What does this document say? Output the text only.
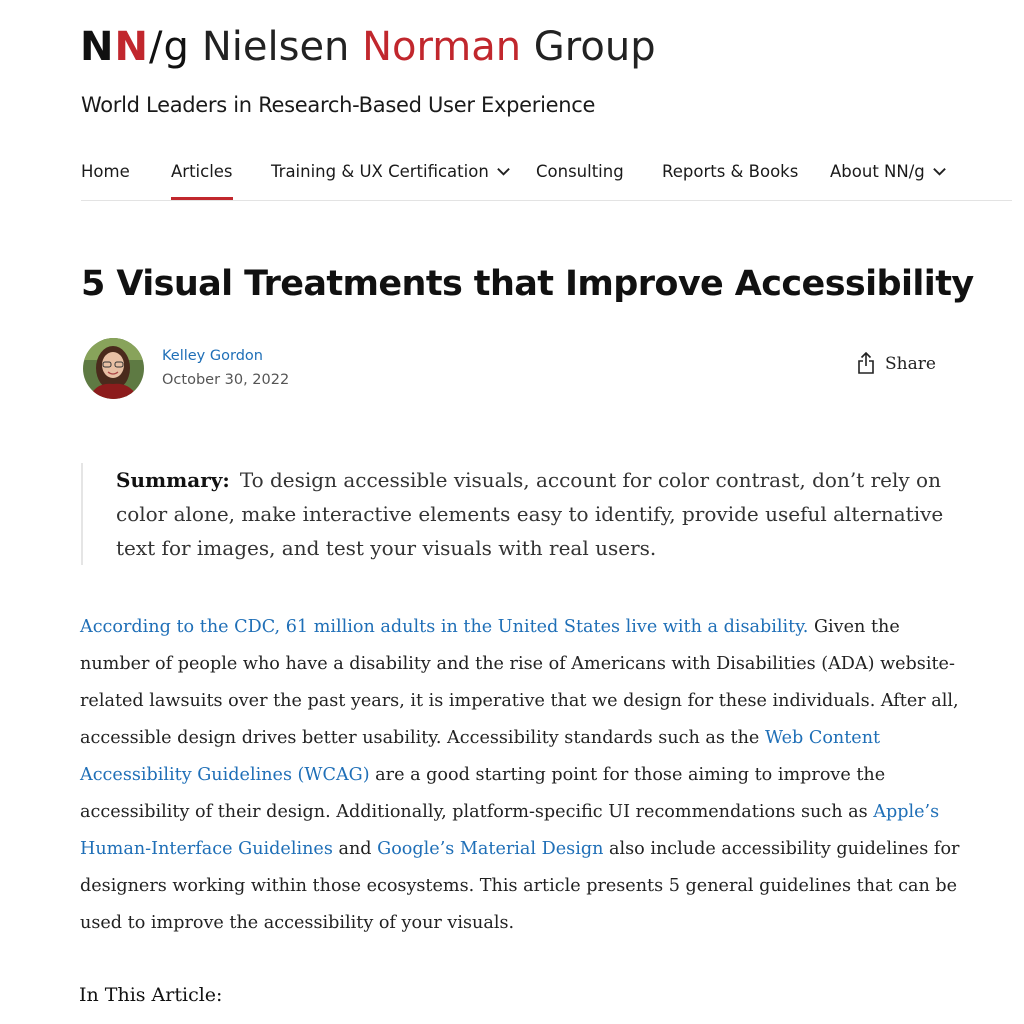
NN/g Nielsen Norman Group
World Leaders in Research-Based User Experience
Home	Articles Training & UX Certification	Consulting Reports & Books About NN/g
5 Visual Treatments that Improve Accessibility
Kelley Gordon
October 30, 2022
Share
Summary: To design accessible visuals, account for color contrast, don’t rely on color alone, make interactive elements easy to identify, provide useful alternative text for images, and test your visuals with real users.
According to the CDC, 61 million adults in the United States live with a disability. Given the number of people who have a disability and the rise of Americans with Disabilities (ADA) website-related lawsuits over the past years, it is imperative that we design for these individuals. After all, accessible design drives better usability. Accessibility standards such as the Web Content Accessibility Guidelines (WCAG) are a good starting point for those aiming to improve the accessibility of their design. Additionally, platform-specific UI recommendations such as Apple’s Human-Interface Guidelines and Google’s Material Design also include accessibility guidelines for designers working within those ecosystems. This article presents 5 general guidelines that can be used to improve the accessibility of your visuals.
In This Article:
